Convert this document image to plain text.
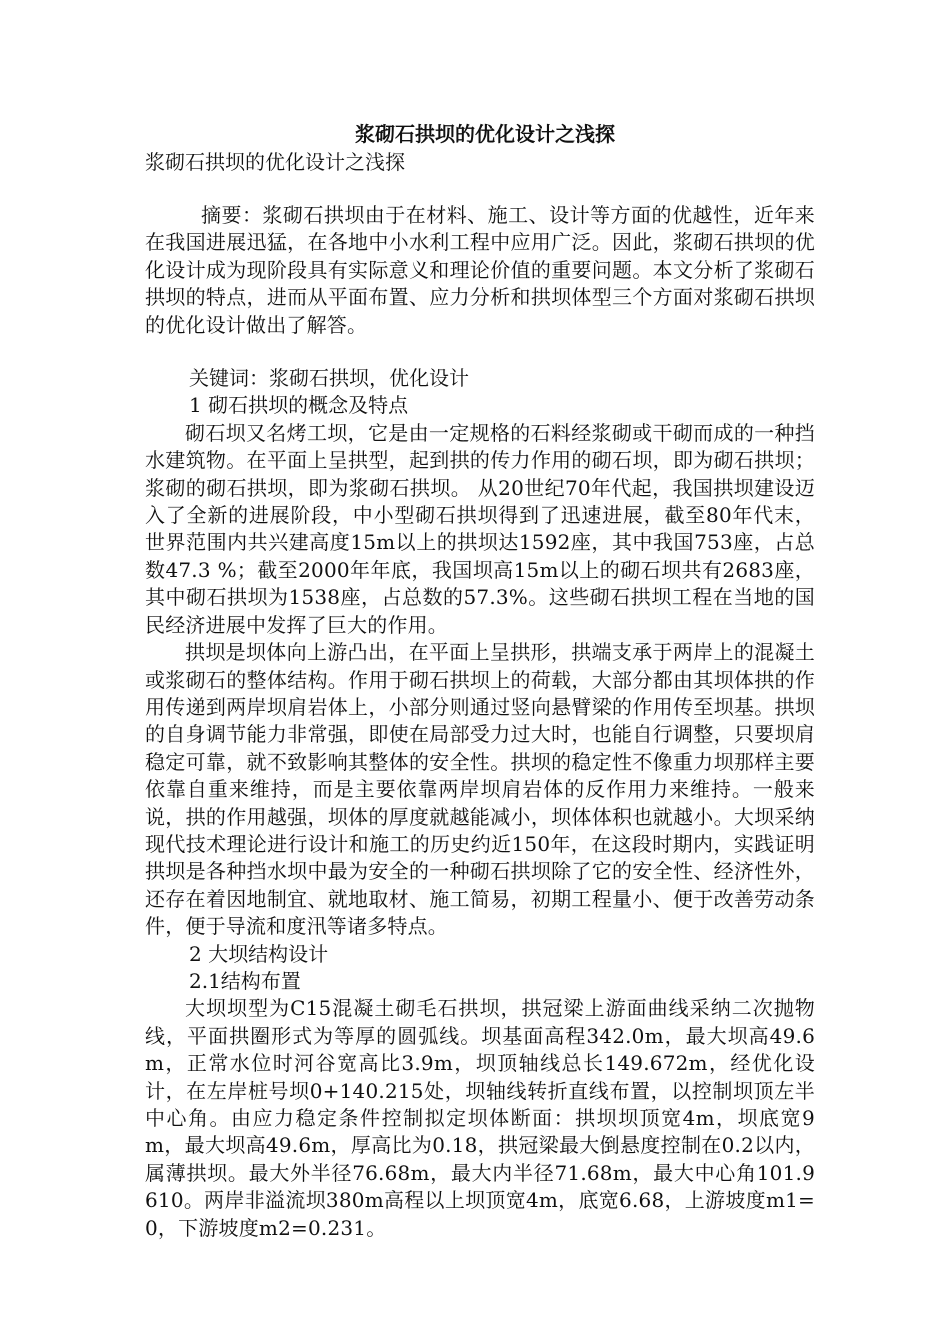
浆砌石拱坝的优化设计之浅探

浆砌石拱坝的优化设计之浅探

摘要：浆砌石拱坝由于在材料、施工、设计等方面的优越性，近年来在我国进展迅猛，在各地中小水利工程中应用广泛。因此，浆砌石拱坝的优化设计成为现阶段具有实际意义和理论价值的重要问题。本文分析了浆砌石拱坝的特点，进而从平面布置、应力分析和拱坝体型三个方面对浆砌石拱坝的优化设计做出了解答。

关键词：浆砌石拱坝，优化设计

1 砌石拱坝的概念及特点

砌石坝又名烤工坝，它是由一定规格的石料经浆砌或干砌而成的一种挡水建筑物。在平面上呈拱型，起到拱的传力作用的砌石坝，即为砌石拱坝；浆砌的砌石拱坝，即为浆砌石拱坝。 从20世纪70年代起，我国拱坝建设迈入了全新的进展阶段，中小型砌石拱坝得到了迅速进展，截至80年代末，世界范围内共兴建高度15m以上的拱坝达1592座，其中我国753座，占总数47.3 %；截至2000年年底，我国坝高15m以上的砌石坝共有2683座，其中砌石拱坝为1538座，占总数的57.3%。这些砌石拱坝工程在当地的国民经济进展中发挥了巨大的作用。

拱坝是坝体向上游凸出，在平面上呈拱形，拱端支承于两岸上的混凝土或浆砌石的整体结构。作用于砌石拱坝上的荷载，大部分都由其坝体拱的作用传递到两岸坝肩岩体上，小部分则通过竖向悬臂梁的作用传至坝基。拱坝的自身调节能力非常强，即使在局部受力过大时，也能自行调整，只要坝肩稳定可靠，就不致影响其整体的安全性。拱坝的稳定性不像重力坝那样主要依靠自重来维持，而是主要依靠两岸坝肩岩体的反作用力来维持。一般来说，拱的作用越强，坝体的厚度就越能减小，坝体体积也就越小。大坝采纳现代技术理论进行设计和施工的历史约近150年，在这段时期内，实践证明拱坝是各种挡水坝中最为安全的一种砌石拱坝除了它的安全性、经济性外，还存在着因地制宜、就地取材、施工简易，初期工程量小、便于改善劳动条件，便于导流和度汛等诸多特点。

2 大坝结构设计

2.1结构布置

大坝坝型为C15混凝土砌毛石拱坝，拱冠梁上游面曲线采纳二次抛物线，平面拱圈形式为等厚的圆弧线。坝基面高程342.0m，最大坝高49.6m，正常水位时河谷宽高比3.9m，坝顶轴线总长149.672m，经优化设计，在左岸桩号坝0+140.215处，坝轴线转折直线布置，以控制坝顶左半中心角。由应力稳定条件控制拟定坝体断面：拱坝坝顶宽4m，坝底宽9m，最大坝高49.6m，厚高比为0.18，拱冠梁最大倒悬度控制在0.2以内，属薄拱坝。最大外半径76.68m，最大内半径71.68m，最大中心角101.9610。两岸非溢流坝380m高程以上坝顶宽4m，底宽6.68，上游坡度m1=0，下游坡度m2=0.231。
